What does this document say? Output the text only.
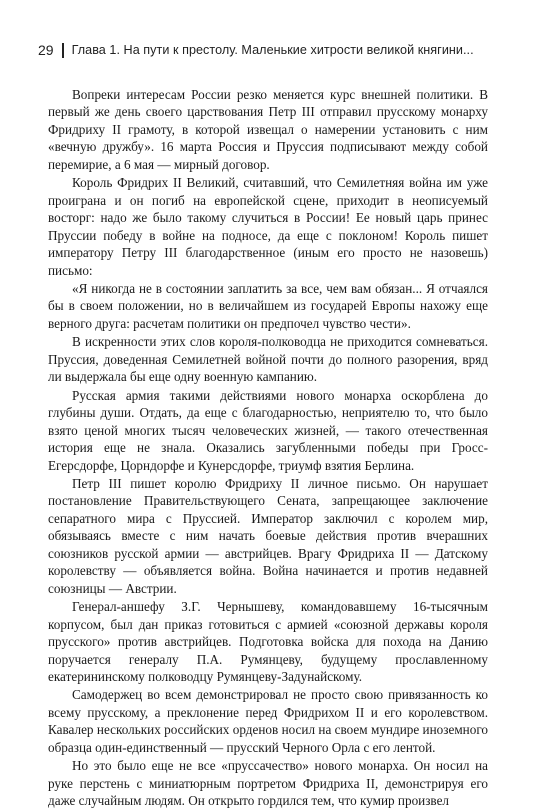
29 Глава 1. На пути к престолу. Маленькие хитрости великой княгини...

Вопреки интересам России резко меняется курс внешней политики. В первый же день своего царствования Петр III отправил прусскому монарху Фридриху II грамоту, в которой извещал о намерении установить с ним «вечную дружбу». 16 марта Россия и Пруссия подписывают между собой перемирие, а 6 мая — мирный договор.

Король Фридрих II Великий, считавший, что Семилетняя война им уже проиграна и он погиб на европейской сцене, приходит в неописуемый восторг: надо же было такому случиться в России! Ее новый царь принес Пруссии победу в войне на подносе, да еще с поклоном! Король пишет императору Петру III благодарственное (иным его просто не назовешь) письмо:

«Я никогда не в состоянии заплатить за все, чем вам обязан... Я отчаялся бы в своем положении, но в величайшем из государей Европы нахожу еще верного друга: расчетам политики он предпочел чувство чести».

В искренности этих слов короля-полководца не приходится сомневаться. Пруссия, доведенная Семилетней войной почти до полного разорения, вряд ли выдержала бы еще одну военную кампанию.

Русская армия такими действиями нового монарха оскорблена до глубины души. Отдать, да еще с благодарностью, неприятелю то, что было взято ценой многих тысяч человеческих жизней, — такого отечественная история еще не знала. Оказались загубленными победы при Гросс-Егерсдорфе, Цорндорфе и Кунерсдорфе, триумф взятия Берлина.

Петр III пишет королю Фридриху II личное письмо. Он нарушает постановление Правительствующего Сената, запрещающее заключение сепаратного мира с Пруссией. Император заключил с королем мир, обязываясь вместе с ним начать боевые действия против вчерашних союзников русской армии — австрийцев. Врагу Фридриха II — Датскому королевству — объявляется война. Война начинается и против недавней союзницы — Австрии.

Генерал-аншефу З.Г. Чернышеву, командовавшему 16-тысячным корпусом, был дан приказ готовиться с армией «союзной державы короля прусского» против австрийцев. Подготовка войска для похода на Данию поручается генералу П.А. Румянцеву, будущему прославленному екатерининскому полководцу Румянцеву-Задунайскому.

Самодержец во всем демонстрировал не просто свою привязанность ко всему прусскому, а преклонение перед Фридрихом II и его королевством. Кавалер нескольких российских орденов носил на своем мундире иноземного образца один-единственный — прусский Черного Орла с его лентой.

Но это было еще не все «пруссачество» нового монарха. Он носил на руке перстень с миниатюрным портретом Фридриха II, демонстрируя его даже случайным людям. Он открыто гордился тем, что кумир произвел
